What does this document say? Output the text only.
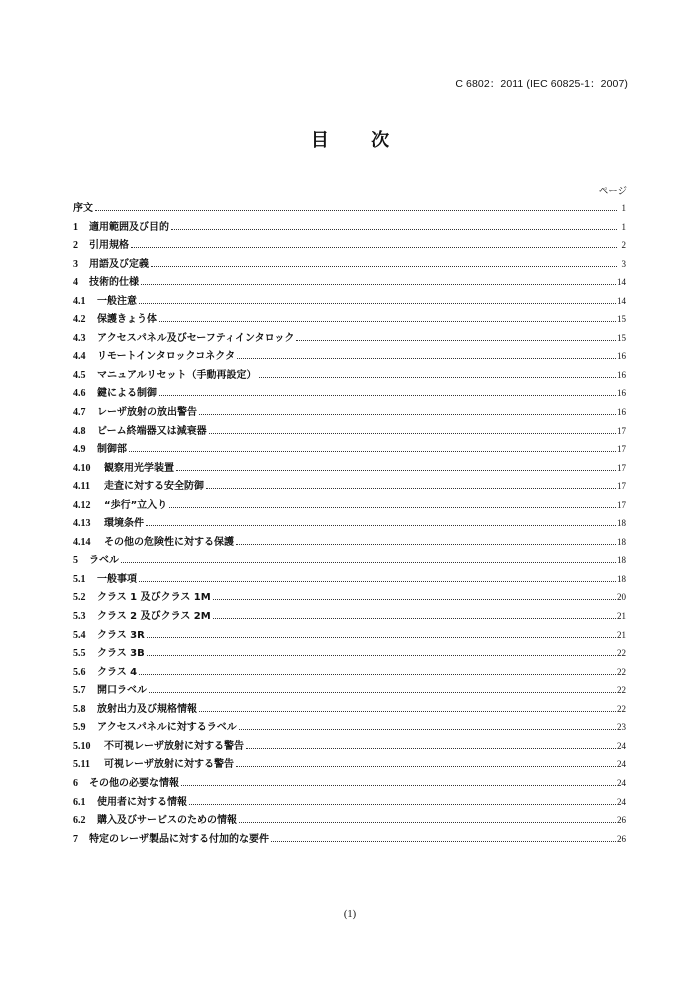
C 6802：2011 (IEC 60825-1：2007)
目 次
ページ
序文	1
1	適用範囲及び目的	1
2	引用規格	2
3	用語及び定義	3
4	技術的仕様	14
4.1	一般注意	14
4.2	保護きょう体	15
4.3	アクセスパネル及びセーフティインタロック	15
4.4	リモートインタロックコネクタ	16
4.5	マニュアルリセット（手動再設定）	16
4.6	鍵による制御	16
4.7	レーザ放射の放出警告	16
4.8	ビーム終端器又は減衰器	17
4.9	制御部	17
4.10	観察用光学装置	17
4.11	走査に対する安全防御	17
4.12	“歩行”立入り	17
4.13	環境条件	18
4.14	その他の危険性に対する保護	18
5	ラベル	18
5.1	一般事項	18
5.2	クラス 1 及びクラス 1M	20
5.3	クラス 2 及びクラス 2M	21
5.4	クラス 3R	21
5.5	クラス 3B	22
5.6	クラス 4	22
5.7	開口ラベル	22
5.8	放射出力及び規格情報	22
5.9	アクセスパネルに対するラベル	23
5.10	不可視レーザ放射に対する警告	24
5.11	可視レーザ放射に対する警告	24
6	その他の必要な情報	24
6.1	使用者に対する情報	24
6.2	購入及びサービスのための情報	26
7	特定のレーザ製品に対する付加的な要件	26
(1)
